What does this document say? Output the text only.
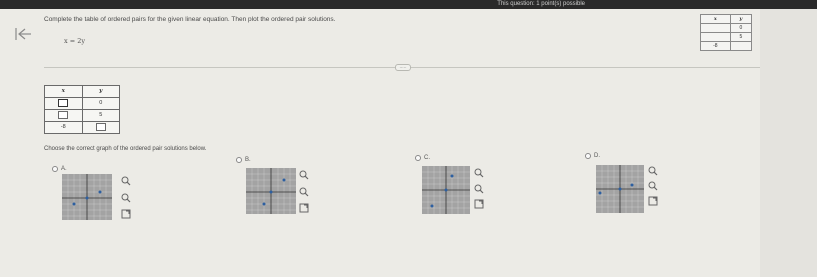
This question: 1 point(s) possible
Complete the table of ordered pairs for the given linear equation. Then plot the ordered pair solutions.
x = 2y
x	y
	0
	5
-8	
.....
x	y
	0
	5
-8	
Choose the correct graph of the ordered pair solutions below.
A.
B.	C.	D.
